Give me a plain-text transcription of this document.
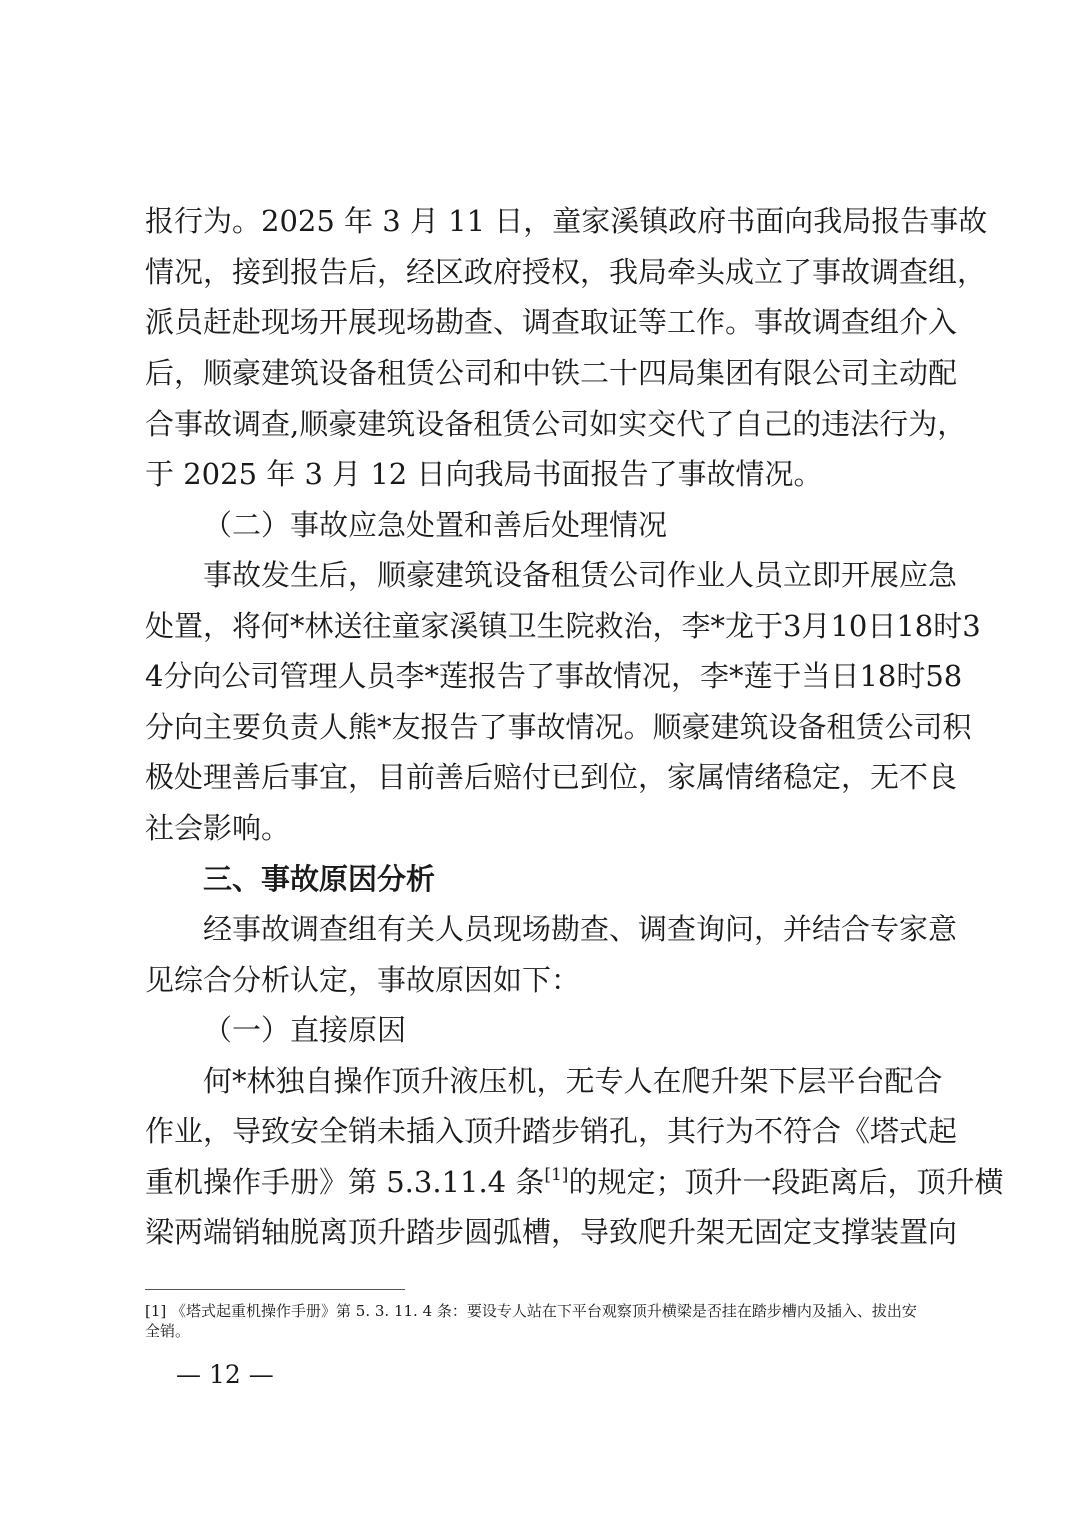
报行为。2025 年 3 月 11 日，童家溪镇政府书面向我局报告事故
情况，接到报告后，经区政府授权，我局牵头成立了事故调查组，
派员赶赴现场开展现场勘查、调查取证等工作。事故调查组介入
后，顺豪建筑设备租赁公司和中铁二十四局集团有限公司主动配
合事故调查,顺豪建筑设备租赁公司如实交代了自己的违法行为，
于 2025 年 3 月 12 日向我局书面报告了事故情况。
（二）事故应急处置和善后处理情况
事故发生后，顺豪建筑设备租赁公司作业人员立即开展应急
处置，将何*林送往童家溪镇卫生院救治，李*龙于3月10日18时3
4分向公司管理人员李*莲报告了事故情况，李*莲于当日18时58
分向主要负责人熊*友报告了事故情况。顺豪建筑设备租赁公司积
极处理善后事宜，目前善后赔付已到位，家属情绪稳定，无不良
社会影响。
三、事故原因分析
经事故调查组有关人员现场勘查、调查询问，并结合专家意
见综合分析认定，事故原因如下：
（一）直接原因
何*林独自操作顶升液压机，无专人在爬升架下层平台配合
作业，导致安全销未插入顶升踏步销孔，其行为不符合《塔式起
重机操作手册》第 5.3.11.4 条[1]的规定；顶升一段距离后，顶升横
梁两端销轴脱离顶升踏步圆弧槽，导致爬升架无固定支撑装置向
[1] 《塔式起重机操作手册》第 5. 3. 11. 4 条：要设专人站在下平台观察顶升横梁是否挂在踏步槽内及插入、拔出安
全销。
— 12 —
